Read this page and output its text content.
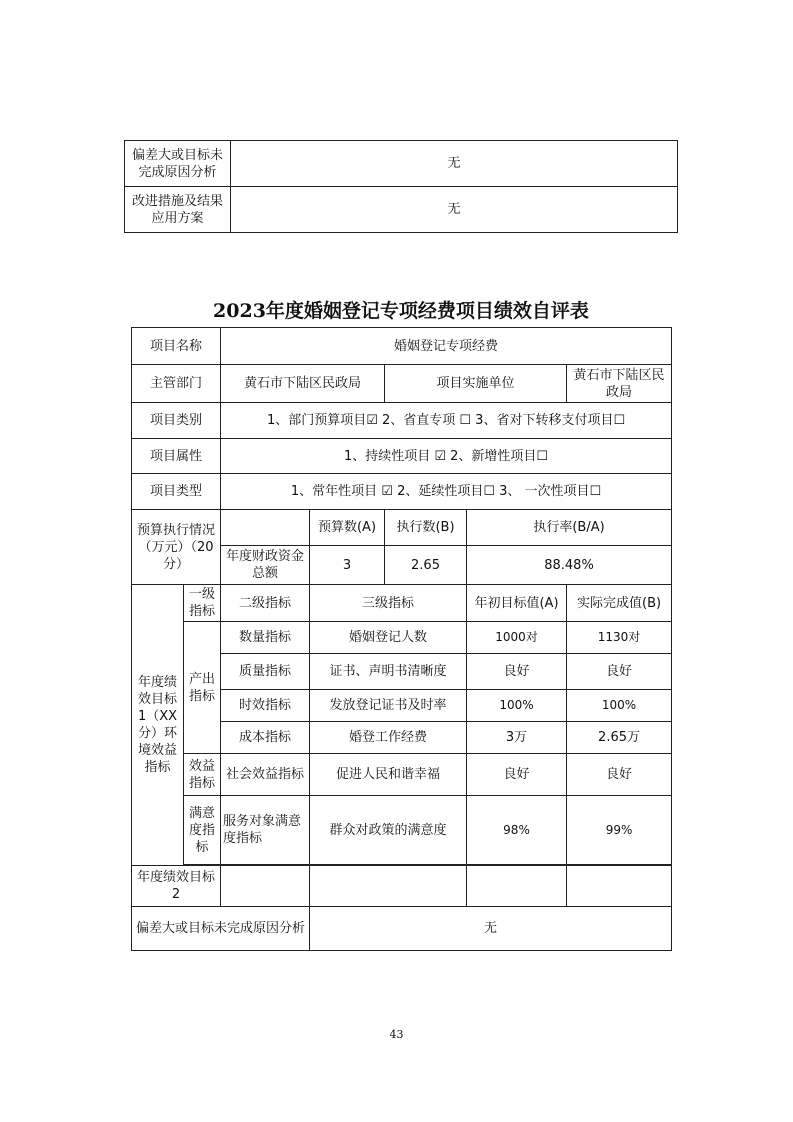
偏差大或目标未完成原因分析	无
改进措施及结果应用方案	无
2023年度婚姻登记专项经费项目绩效自评表
项目名称		婚姻登记专项经费				
主管部门		黄石市下陆区民政局		项目实施单位		黄石市下陆区民政局
项目类别		1、部门预算项目☑ 2、省直专项 ☐ 3、省对下转移支付项目☐				
项目属性		1、持续性项目 ☑ 2、新增性项目☐				
项目类型		1、常年性项目 ☑ 2、延续性项目☐ 3、 一次性项目☐				
预算执行情况（万元）（20分）			预算数(A)	执行数(B)	执行率(B/A)	
		年度财政资金总额	3	2.65	88.48%	
年度绩效目标1（XX分）环境效益指标	一级指标	二级指标	三级指标		年初目标值(A)	实际完成值(B)
	产出指标	数量指标	婚姻登记人数		1000对	1130对
		质量指标	证书、声明书清晰度		良好	良好
		时效指标	发放登记证书及时率		100%	100%
		成本指标	婚登工作经费		3万	2.65万
	效益指标	社会效益指标	促进人民和谐幸福		良好	良好
	满意度指标	服务对象满意度指标	群众对政策的满意度		98%	99%

年度绩效目标2						
偏差大或目标未完成原因分析			无			
43
